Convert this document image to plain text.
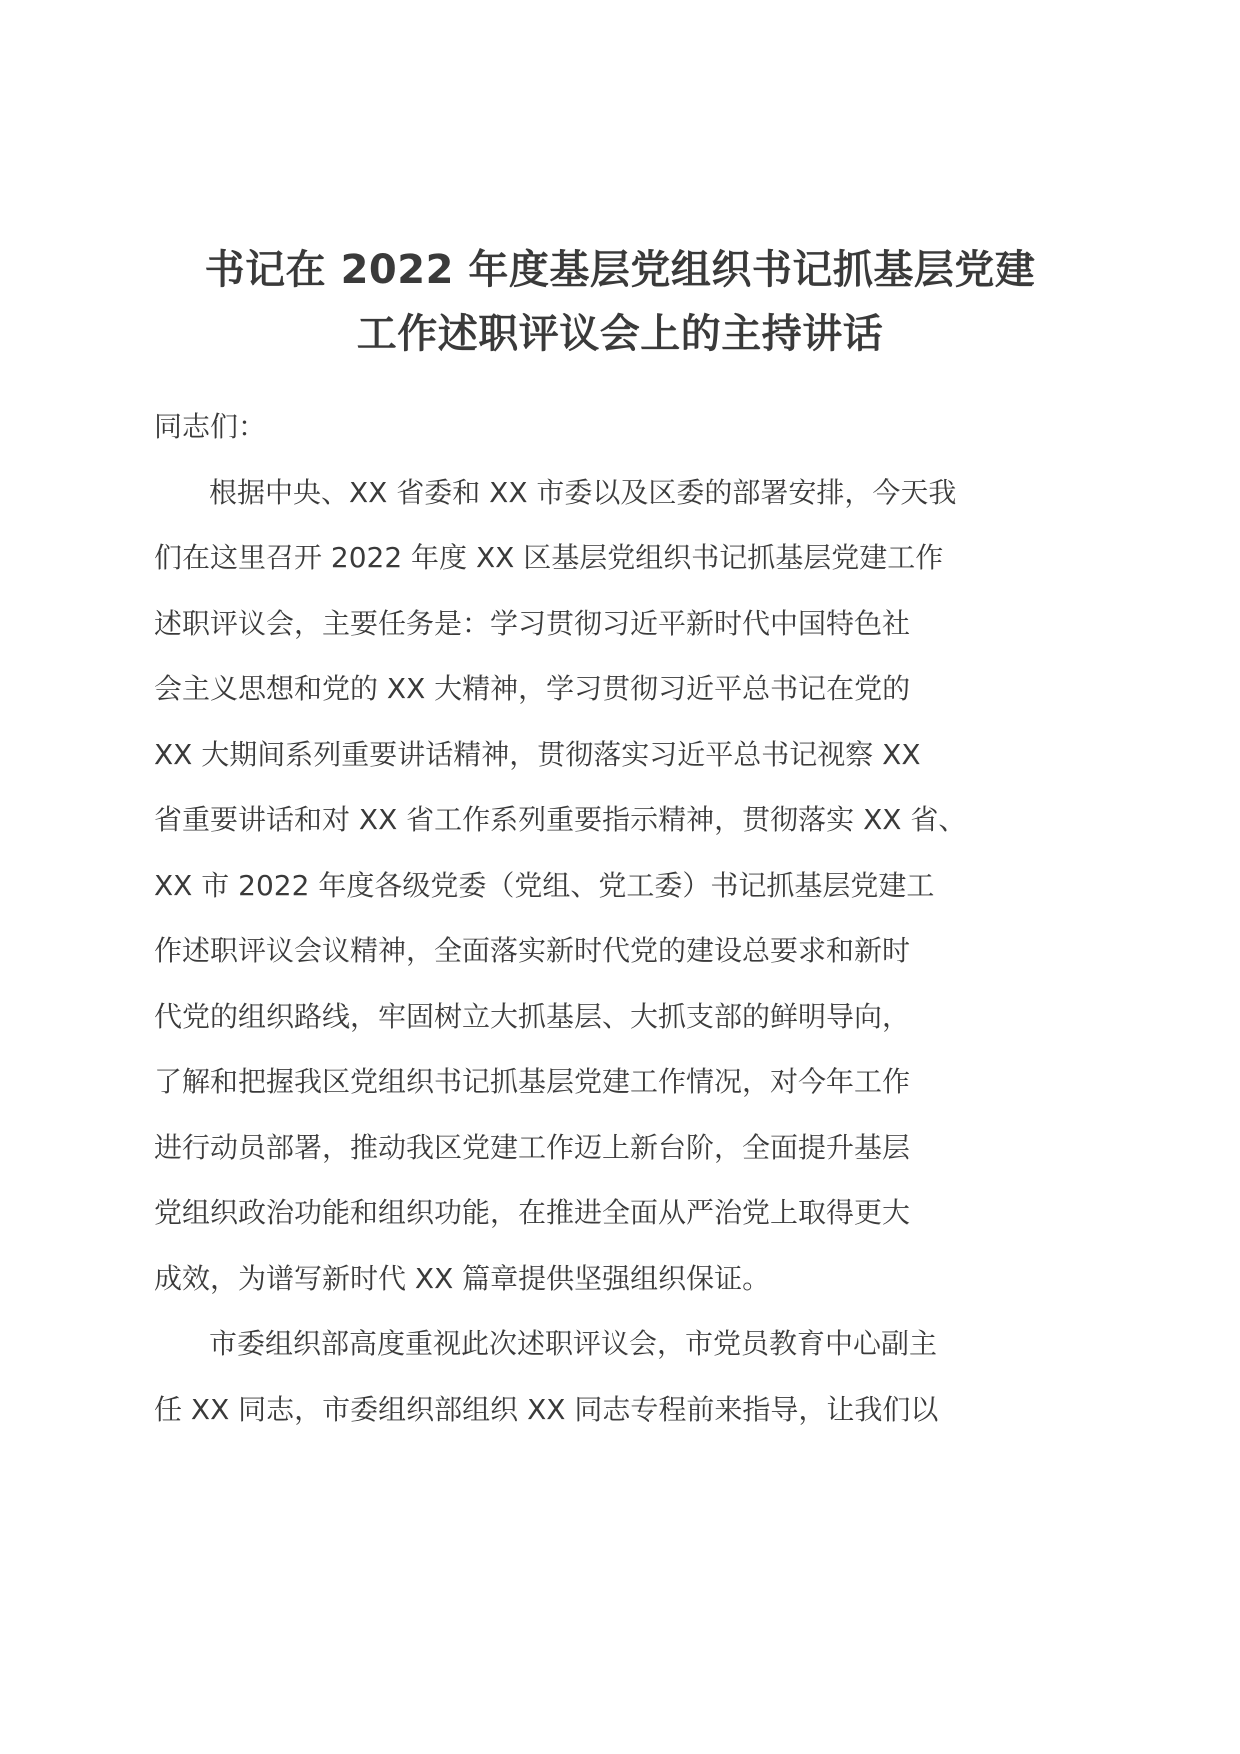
书记在 2022 年度基层党组织书记抓基层党建
工作述职评议会上的主持讲话
同志们：
根据中央、XX 省委和 XX 市委以及区委的部署安排，今天我
们在这里召开 2022 年度 XX 区基层党组织书记抓基层党建工作
述职评议会，主要任务是：学习贯彻习近平新时代中国特色社
会主义思想和党的 XX 大精神，学习贯彻习近平总书记在党的
XX 大期间系列重要讲话精神，贯彻落实习近平总书记视察 XX
省重要讲话和对 XX 省工作系列重要指示精神，贯彻落实 XX 省、
XX 市 2022 年度各级党委（党组、党工委）书记抓基层党建工
作述职评议会议精神，全面落实新时代党的建设总要求和新时
代党的组织路线，牢固树立大抓基层、大抓支部的鲜明导向，
了解和把握我区党组织书记抓基层党建工作情况，对今年工作
进行动员部署，推动我区党建工作迈上新台阶，全面提升基层
党组织政治功能和组织功能，在推进全面从严治党上取得更大
成效，为谱写新时代 XX 篇章提供坚强组织保证。
市委组织部高度重视此次述职评议会，市党员教育中心副主
任 XX 同志，市委组织部组织 XX 同志专程前来指导，让我们以
